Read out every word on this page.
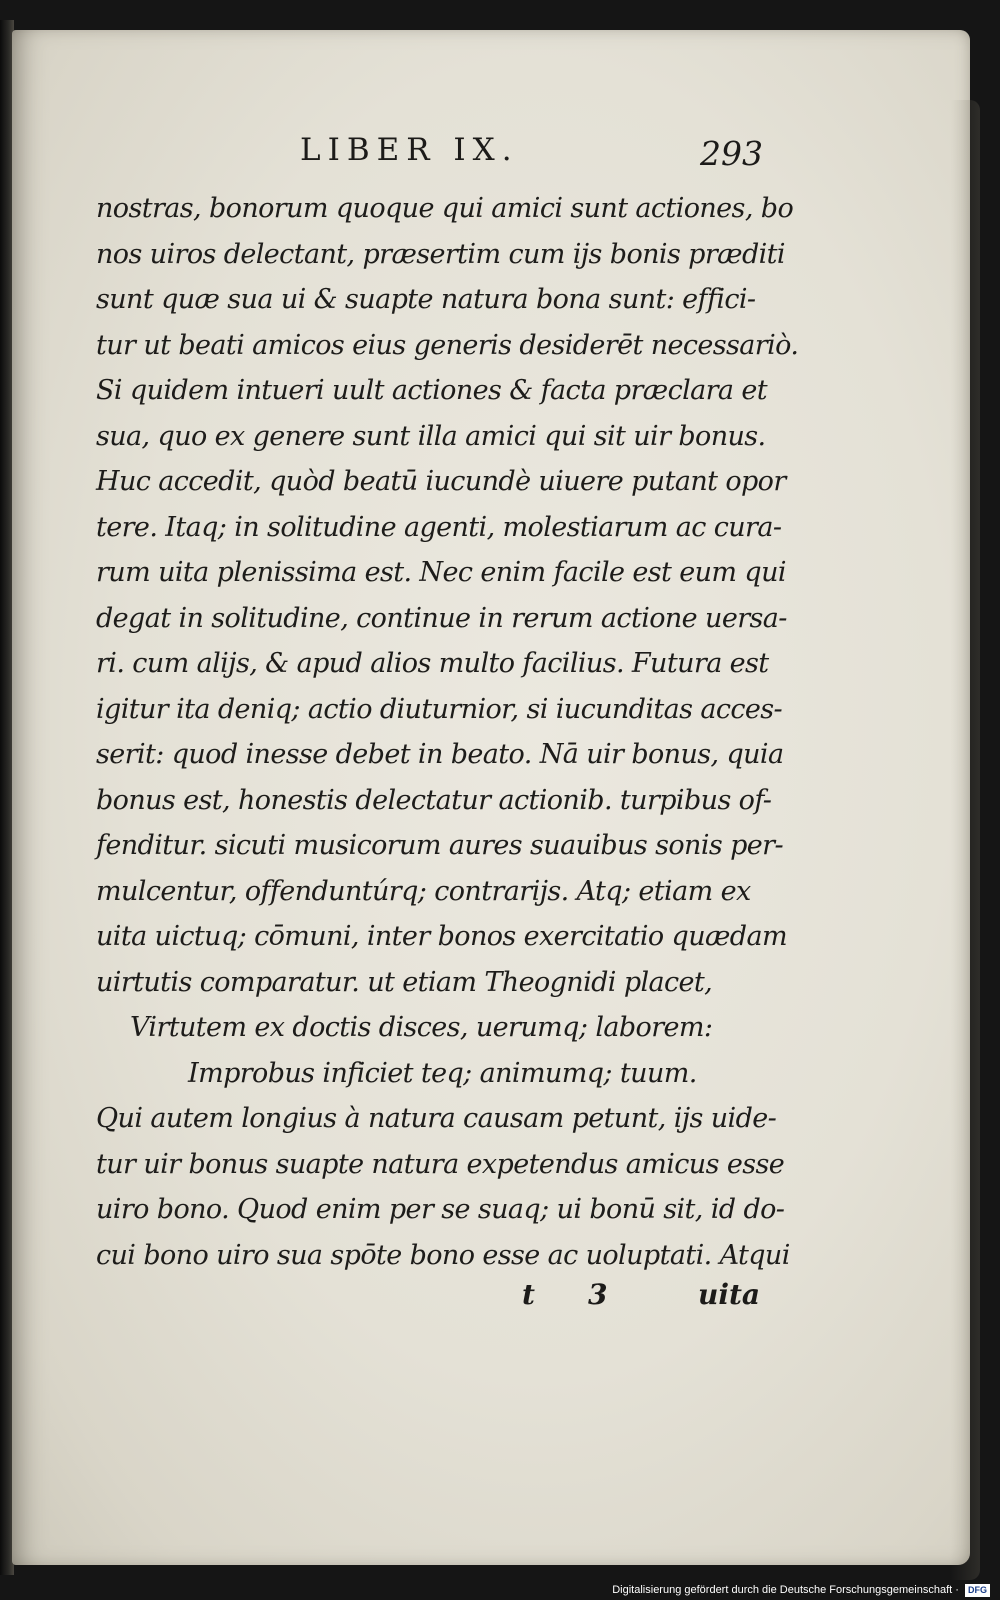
LIBER IX.	293
nostras, bonorum quoque qui amici sunt actiones, bo
nos uiros delectant, præsertim cum ijs bonis præditi
sunt quæ sua ui & suapte natura bona sunt: effici-
tur ut beati amicos eius generis desiderēt necessariò.
Si quidem intueri uult actiones & facta præclara et
sua, quo ex genere sunt illa amici qui sit uir bonus.
Huc accedit, quòd beatū iucundè uiuere putant opor
tere. Itaq; in solitudine agenti, molestiarum ac cura-
rum uita plenissima est. Nec enim facile est eum qui
degat in solitudine, continue in rerum actione uersa-
ri. cum alijs, & apud alios multo facilius. Futura est
igitur ita deniq; actio diuturnior, si iucunditas acces-
serit: quod inesse debet in beato. Nā uir bonus, quia
bonus est, honestis delectatur actionib. turpibus of-
fenditur. sicuti musicorum aures suauibus sonis per-
mulcentur, offenduntúrq; contrarijs. Atq; etiam ex
uita uictuq; cōmuni, inter bonos exercitatio quædam
uirtutis comparatur. ut etiam Theognidi placet,
Virtutem ex doctis disces, uerumq; laborem:
Improbus inficiet teq; animumq; tuum.
Qui autem longius à natura causam petunt, ijs uide-
tur uir bonus suapte natura expetendus amicus esse
uiro bono. Quod enim per se suaq; ui bonū sit, id do-
cui bono uiro sua spōte bono esse ac uoluptati. Atqui
t 3	uita
Digitalisierung gefördert durch die Deutsche Forschungsgemeinschaft · DFG
